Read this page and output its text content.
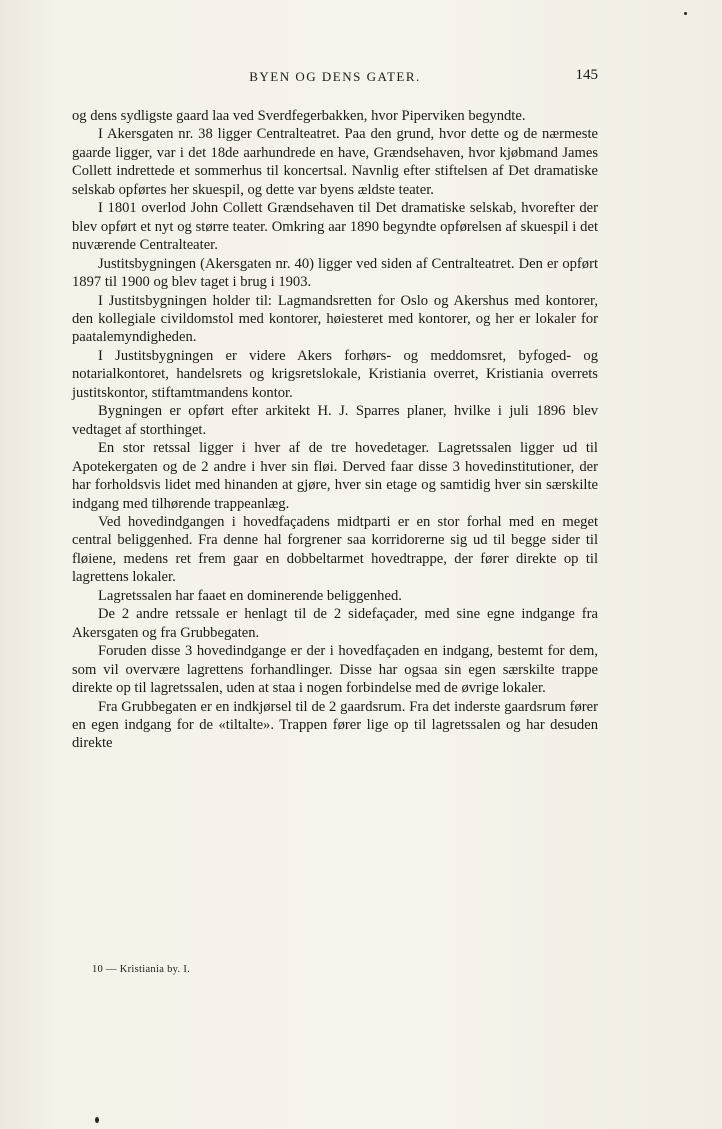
BYEN OG DENS GATER.	145

og dens sydligste gaard laa ved Sverdfegerbakken, hvor Piperviken begyndte.

I Akersgaten nr. 38 ligger Centralteatret. Paa den grund, hvor dette og de nærmeste gaarde ligger, var i det 18de aarhundrede en have, Grændsehaven, hvor kjøbmand James Collett indrettede et sommerhus til koncertsal. Navnlig efter stiftelsen af Det dramatiske selskab opførtes her skuespil, og dette var byens ældste teater.

I 1801 overlod John Collett Grændsehaven til Det dramatiske selskab, hvorefter der blev opført et nyt og større teater. Omkring aar 1890 begyndte opførelsen af skuespil i det nuværende Centralteater.

Justitsbygningen (Akersgaten nr. 40) ligger ved siden af Centralteatret. Den er opført 1897 til 1900 og blev taget i brug i 1903.

I Justitsbygningen holder til: Lagmandsretten for Oslo og Akershus med kontorer, den kollegiale civildomstol med kontorer, høiesteret med kontorer, og her er lokaler for paatalemyndigheden.

I Justitsbygningen er videre Akers forhørs- og meddomsret, byfoged- og notarialkontoret, handelsrets og krigsretslokale, Kristiania overret, Kristiania overrets justitskontor, stiftamtmandens kontor.

Bygningen er opført efter arkitekt H. J. Sparres planer, hvilke i juli 1896 blev vedtaget af storthinget.

En stor retssal ligger i hver af de tre hovedetager. Lagretssalen ligger ud til Apotekergaten og de 2 andre i hver sin fløi. Derved faar disse 3 hovedinstitutioner, der har forholdsvis lidet med hinanden at gjøre, hver sin etage og samtidig hver sin særskilte indgang med tilhørende trappeanlæg.

Ved hovedindgangen i hovedfaçadens midtparti er en stor forhal med en meget central beliggenhed. Fra denne hal forgrener saa korridorerne sig ud til begge sider til fløiene, medens ret frem gaar en dobbeltarmet hovedtrappe, der fører direkte op til lagrettens lokaler.

Lagretssalen har faaet en dominerende beliggenhed.

De 2 andre retssale er henlagt til de 2 sidefaçader, med sine egne indgange fra Akersgaten og fra Grubbegaten.

Foruden disse 3 hovedindgange er der i hovedfaçaden en indgang, bestemt for dem, som vil overvære lagrettens forhandlinger. Disse har ogsaa sin egen særskilte trappe direkte op til lagretssalen, uden at staa i nogen forbindelse med de øvrige lokaler.

Fra Grubbegaten er en indkjørsel til de 2 gaardsrum. Fra det inderste gaardsrum fører en egen indgang for de «tiltalte». Trappen fører lige op til lagretssalen og har desuden direkte

10 — Kristiania by. I.
